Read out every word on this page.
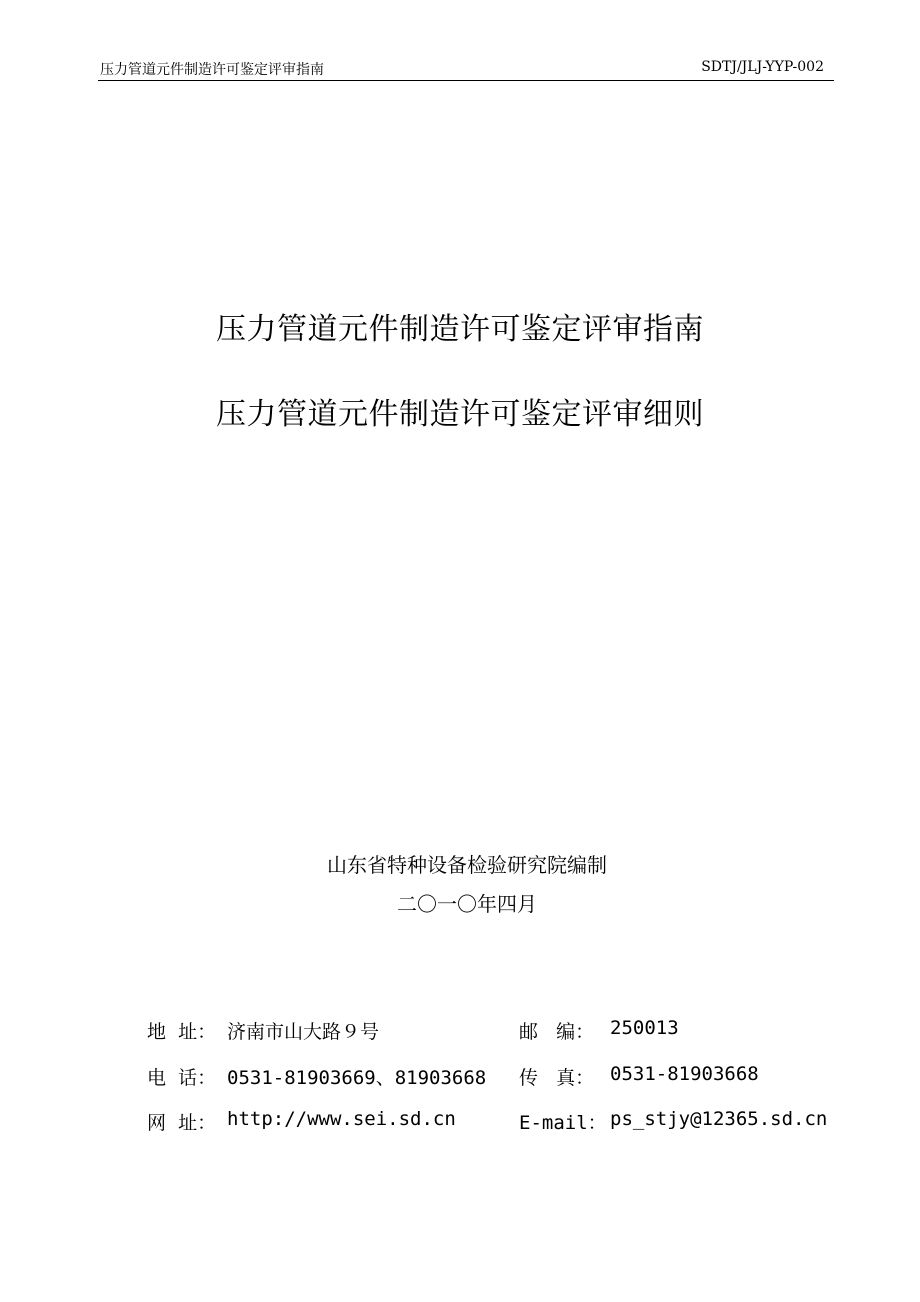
压力管道元件制造许可鉴定评审指南	SDTJ/JLJ-YYP-002
压力管道元件制造许可鉴定评审指南
压力管道元件制造许可鉴定评审细则
山东省特种设备检验研究院编制
二〇一〇年四月
地  址： 济南市山大路９号	邮   编： 250013
电  话： 0531-81903669、81903668 传   真： 0531-81903668
网  址： http://www.sei.sd.cn	E-mail： ps_stjy@12365.sd.cn
